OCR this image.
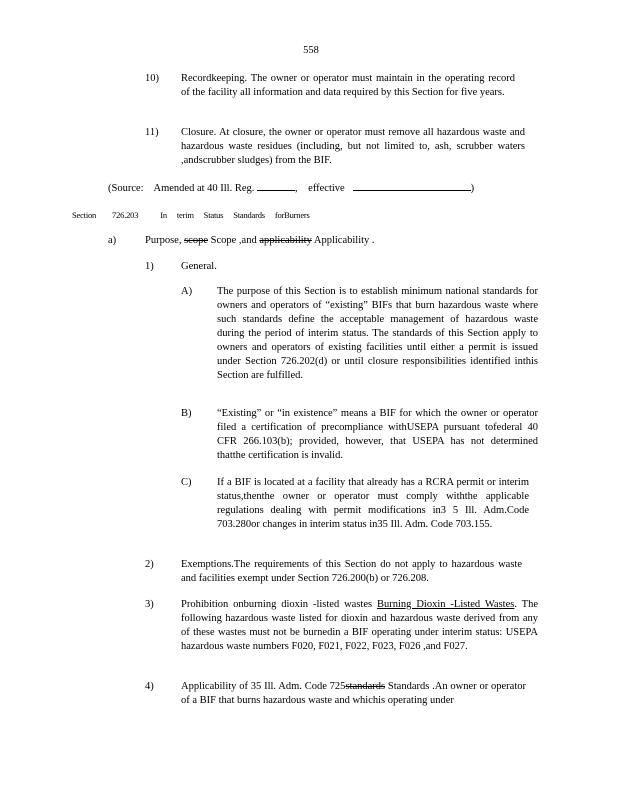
558
10) Recordkeeping. The owner or operator must maintain in the operating record of the facility all information and data required by this Section for five years.
11) Closure. At closure, the owner or operator must remove all hazardous waste and hazardous waste residues (including, but not limited to, ash, scrubber waters ,andscrubber sludges) from the BIF.
(Source: Amended at 40 Ill. Reg.	, effective	)
Section 726.203	In terim Status Standards forBurners
a)	Purpose, scope Scope ,and applicability Applicability .
1)	General.
A) The purpose of this Section is to establish minimum national standards for owners and operators of “existing” BIFs that burn hazardous waste where such standards define the acceptable management of hazardous waste during the period of interim status. The standards of this Section apply to owners and operators of existing facilities until either a permit is issued under Section 726.202(d) or until closure responsibilities identified inthis Section are fulfilled.
B) “Existing” or “in existence” means a BIF for which the owner or operator filed a certification of precompliance withUSEPA pursuant tofederal 40 CFR 266.103(b); provided, however, that USEPA has not determined thatthe certification is invalid.
C) If a BIF is located at a facility that already has a RCRA permit or interim status,thenthe owner or operator must comply withthe applicable regulations dealing with permit modifications in3 5 Ill. Adm.Code 703.280or changes in interim status in35 Ill. Adm. Code 703.155.
2)	Exemptions.The requirements of this Section do not apply to hazardous waste and facilities exempt under Section 726.200(b) or 726.208.
3)	Prohibition onburning dioxin -listed wastes Burning Dioxin -Listed Wastes. The following hazardous waste listed for dioxin and hazardous waste derived from any of these wastes must not be burnedin a BIF operating under interim status: USEPA hazardous waste numbers F020, F021, F022, F023, F026 ,and F027.
4)	Applicability of 35 Ill. Adm. Code 725standards Standards .An owner or operator of a BIF that burns hazardous waste and whichis operating under
